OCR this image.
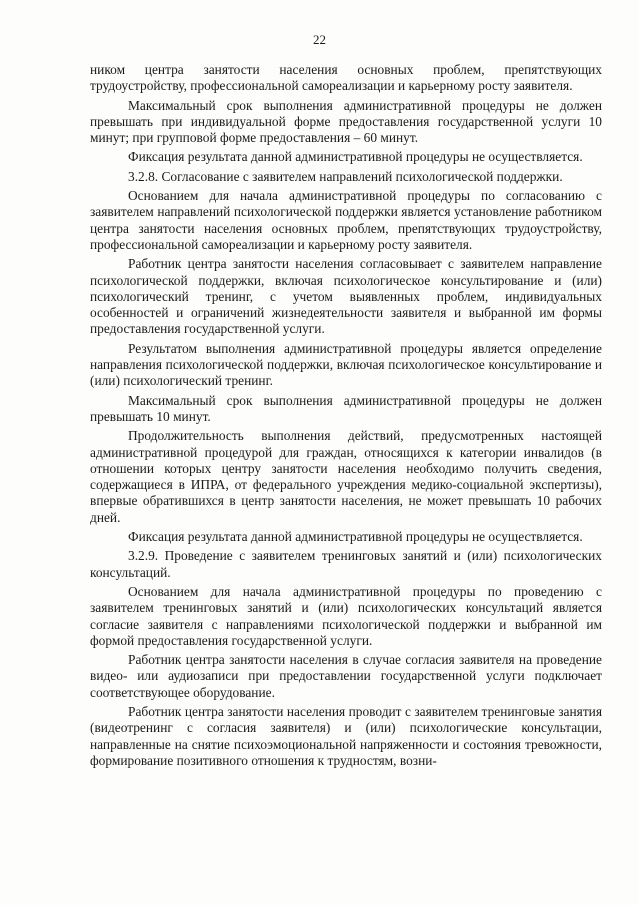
22

ником центра занятости населения основных проблем, препятствующих трудоустройству, профессиональной самореализации и карьерному росту заявителя.

Максимальный срок выполнения административной процедуры не должен превышать при индивидуальной форме предоставления государственной услуги 10 минут; при групповой форме предоставления – 60 минут.

Фиксация результата данной административной процедуры не осуществляется.

3.2.8. Согласование с заявителем направлений психологической поддержки.

Основанием для начала административной процедуры по согласованию с заявителем направлений психологической поддержки является установление работником центра занятости населения основных проблем, препятствующих трудоустройству, профессиональной самореализации и карьерному росту заявителя.

Работник центра занятости населения согласовывает с заявителем направление психологической поддержки, включая психологическое консультирование и (или) психологический тренинг, с учетом выявленных проблем, индивидуальных особенностей и ограничений жизнедеятельности заявителя и выбранной им формы предоставления государственной услуги.

Результатом выполнения административной процедуры является определение направления психологической поддержки, включая психологическое консультирование и (или) психологический тренинг.

Максимальный срок выполнения административной процедуры не должен превышать 10 минут.

Продолжительность выполнения действий, предусмотренных настоящей административной процедурой для граждан, относящихся к категории инвалидов (в отношении которых центру занятости населения необходимо получить сведения, содержащиеся в ИПРА, от федерального учреждения медико-социальной экспертизы), впервые обратившихся в центр занятости населения, не может превышать 10 рабочих дней.

Фиксация результата данной административной процедуры не осуществляется.

3.2.9. Проведение с заявителем тренинговых занятий и (или) психологических консультаций.

Основанием для начала административной процедуры по проведению с заявителем тренинговых занятий и (или) психологических консультаций является согласие заявителя с направлениями психологической поддержки и выбранной им формой предоставления государственной услуги.

Работник центра занятости населения в случае согласия заявителя на проведение видео- или аудиозаписи при предоставлении государственной услуги подключает соответствующее оборудование.

Работник центра занятости населения проводит с заявителем тренинговые занятия (видеотренинг с согласия заявителя) и (или) психологические консультации, направленные на снятие психоэмоциональной напряженности и состояния тревожности, формирование позитивного отношения к трудностям, возни-
